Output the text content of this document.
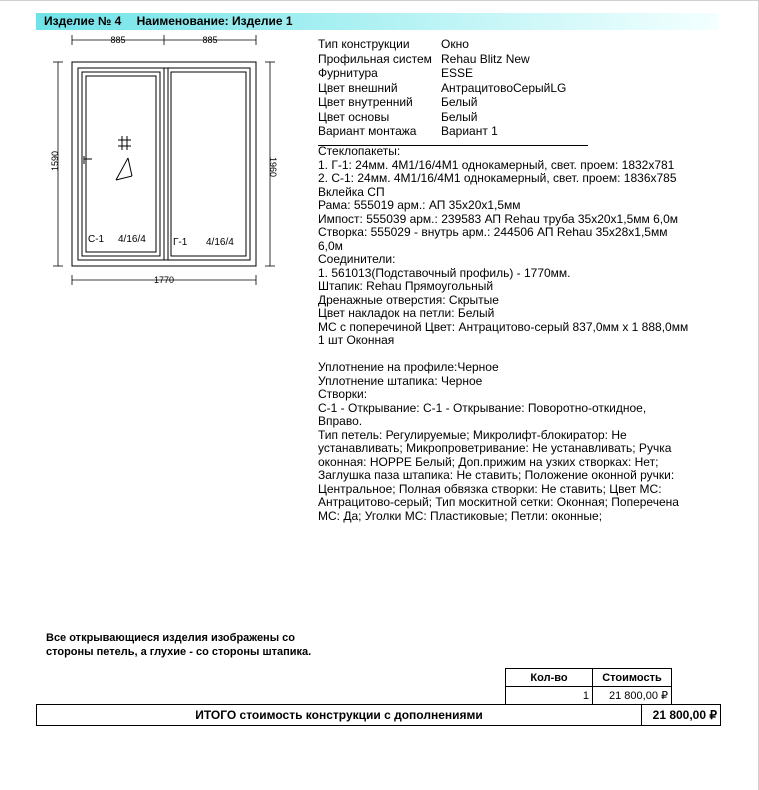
Изделие № 4 Наименование: Изделие 1
885	885
1590	1960
1770
С-1 4/16/4	Г-1 4/16/4
Тип конструкции	Окно
Профильная систем Rehau Blitz New
Фурнитура	ESSE
Цвет внешний	АнтрацитовоСерыйLG
Цвет внутренний	Белый
Цвет основы	Белый
Вариант монтажа	Вариант 1
Стеклопакеты:
1. Г-1: 24мм. 4М1/16/4М1 однокамерный, свет. проем: 1832x781
2. С-1: 24мм. 4М1/16/4М1 однокамерный, свет. проем: 1836x785
Вклейка СП
Рама: 555019 арм.: АП 35x20x1,5мм
Импост: 555039 арм.: 239583 АП Rehau труба 35x20x1,5мм 6,0м
Створка: 555029 - внутрь арм.: 244506 АП Rehau 35x28x1,5мм 6,0м
Соединители:
1. 561013(Подставочный профиль) - 1770мм.
Штапик: Rehau Прямоугольный
Дренажные отверстия: Скрытые
Цвет накладок на петли: Белый
МС с поперечиной Цвет: Антрацитово-серый 837,0мм x 1 888,0мм 1 шт Оконная
Уплотнение на профиле:Черное
Уплотнение штапика: Черное
Створки:
С-1 - Открывание: С-1 - Открывание: Поворотно-откидное, Вправо.
Тип петель: Регулируемые; Микролифт-блокиратор: Не устанавливать; Микропроветривание: Не устанавливать; Ручка оконная: HOPPE Белый; Доп.прижим на узких створках: Нет; Заглушка паза штапика: Не ставить; Положение оконной ручки: Центральное; Полная обвязка створки: Не ставить; Цвет МС: Антрацитово-серый; Тип москитной сетки: Оконная; Поперечена МС: Да; Уголки МС: Пластиковые; Петли: оконные;
Все открывающиеся изделия изображены со стороны петель, а глухие - со стороны штапика.
Кол-во	Стоимость
1	21 800,00 ₽
ИТОГО стоимость конструкции с дополнениями	21 800,00 ₽
